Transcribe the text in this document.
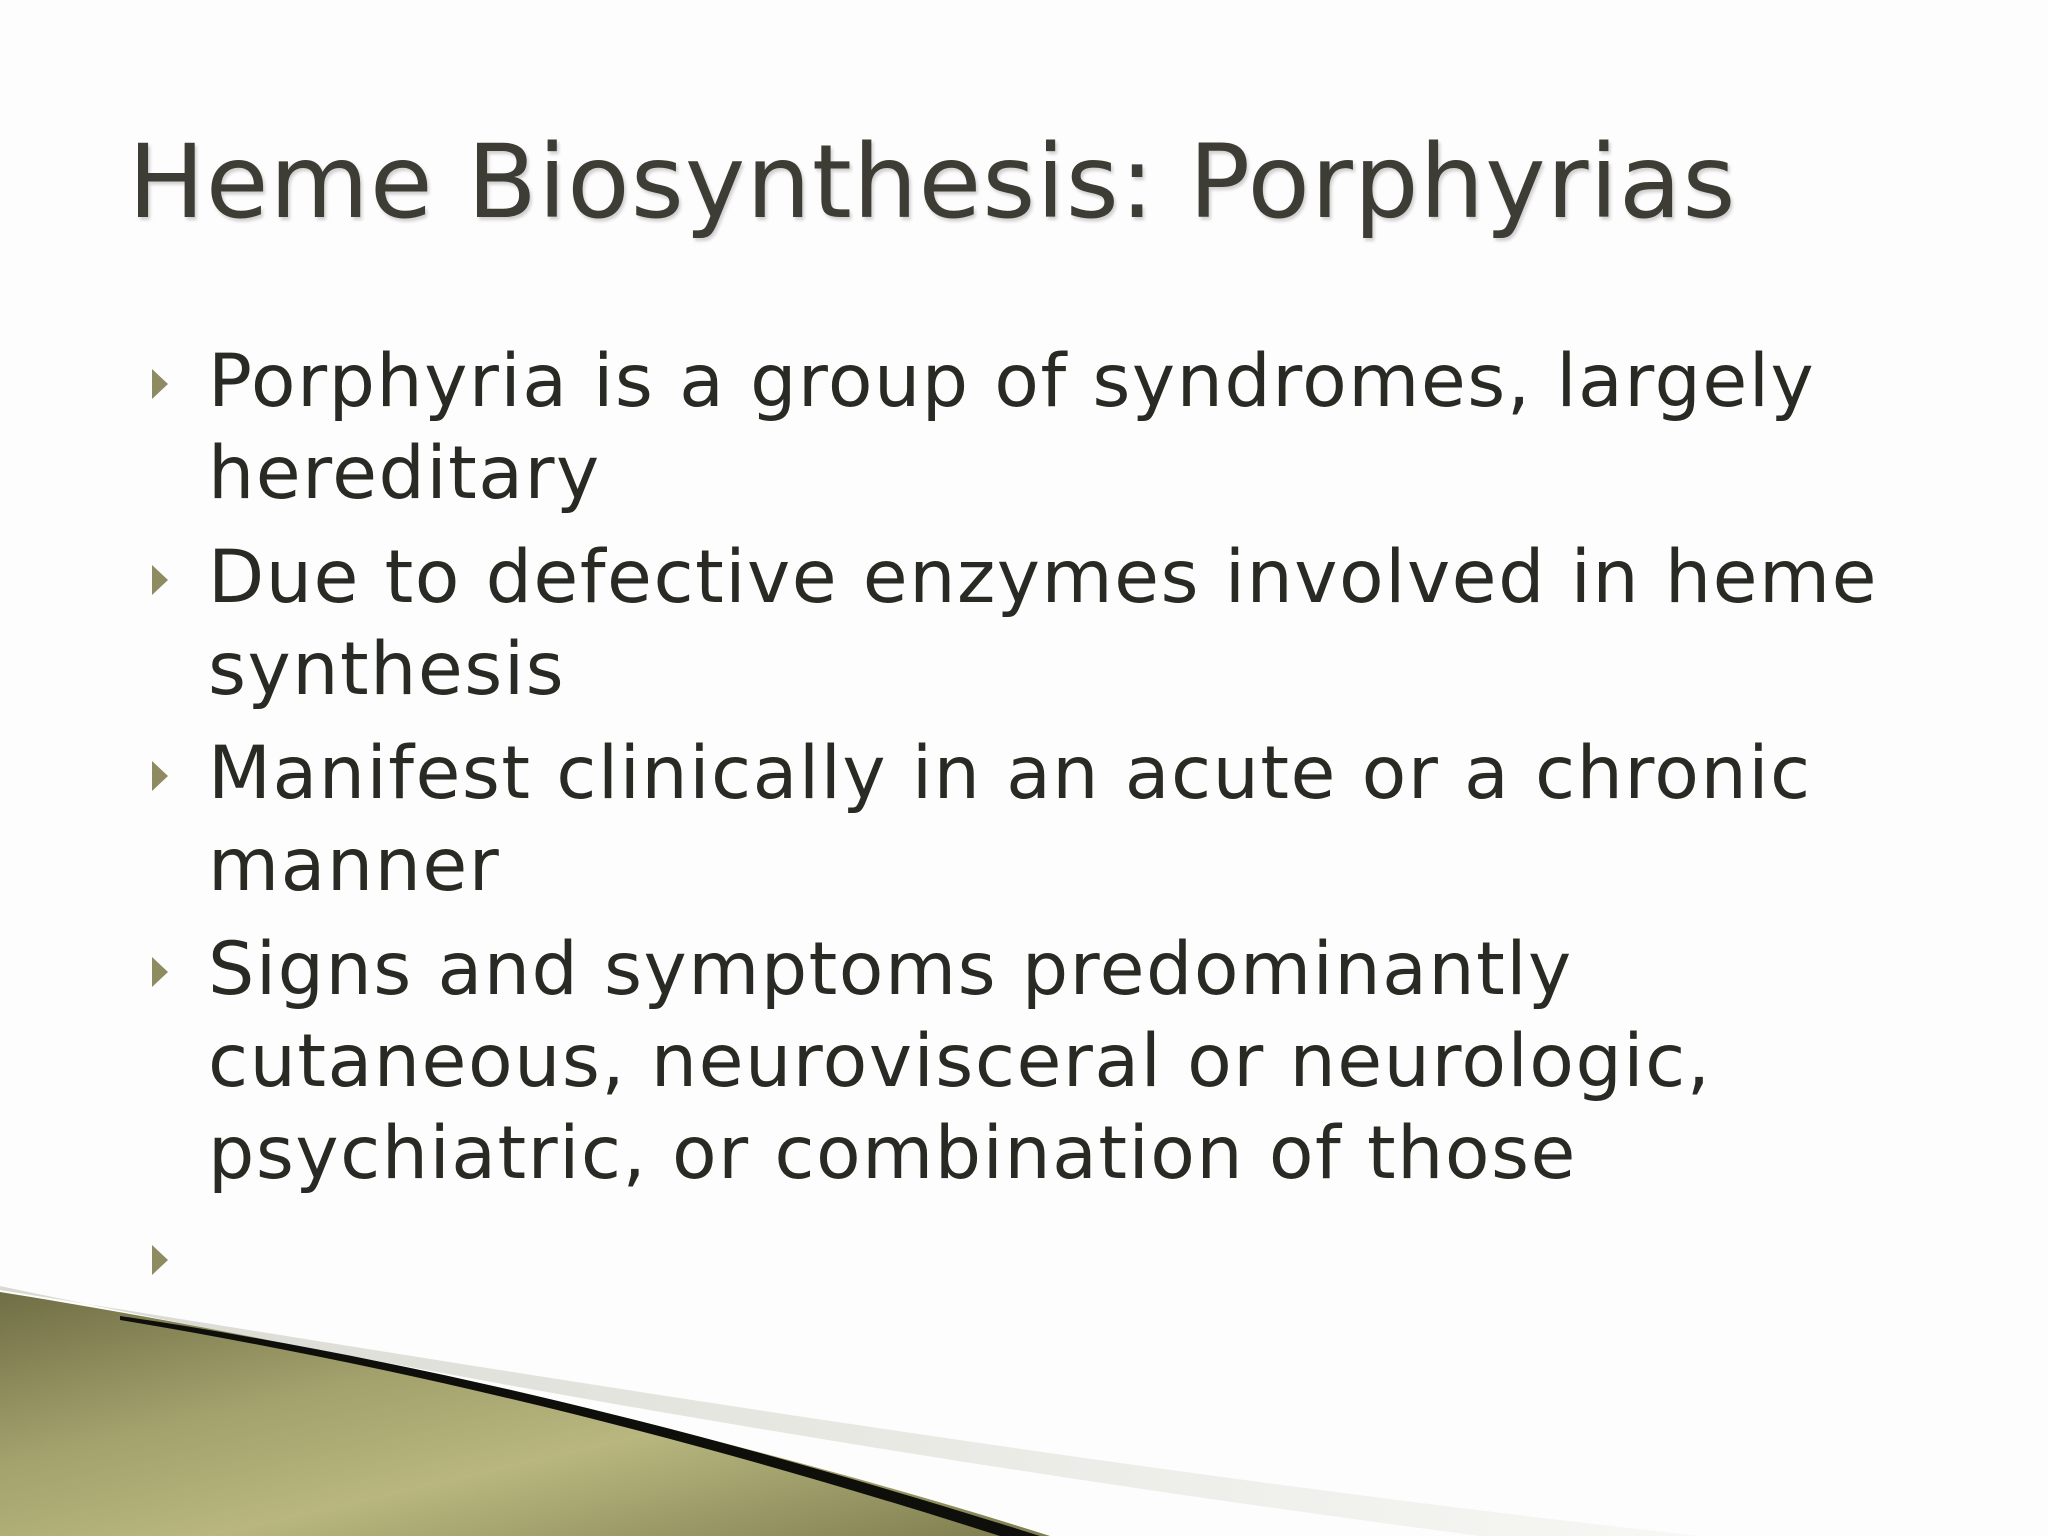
Heme Biosynthesis: Porphyrias
Porphyria is a group of syndromes, largely hereditary
Due to defective enzymes involved in heme synthesis
Manifest clinically in an acute or a chronic manner
Signs and symptoms predominantly cutaneous, neurovisceral or neurologic, psychiatric, or combination of those
